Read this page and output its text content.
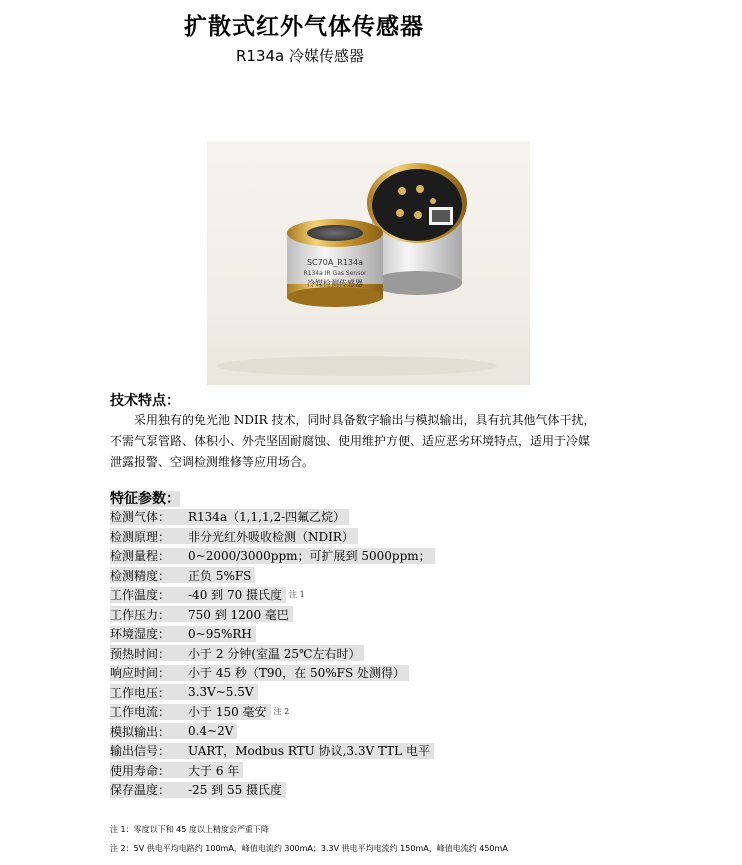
扩散式红外气体传感器
R134a 冷媒传感器
SC70A_R134a
R134a IR Gas Sensor
冷媒检测传感器
技术特点：
采用独有的免光池 NDIR 技术，同时具备数字输出与模拟输出，具有抗其他气体干扰，
不需气泵管路、体积小、外壳坚固耐腐蚀、使用维护方便、适应恶劣环境特点，适用于冷媒
泄露报警、空调检测维修等应用场合。
特征参数：
检测气体：	R134a（1,1,1,2-四氟乙烷）
检测原理：	非分光红外吸收检测（NDIR）
检测量程：	0~2000/3000ppm；可扩展到 5000ppm；
检测精度：	正负 5%FS
工作温度：	-40 到 70 摄氏度 注 1
工作压力：	750 到 1200 毫巴
环境湿度：	0~95%RH
预热时间：	小于 2 分钟(室温 25℃左右时）
响应时间：	小于 45 秒（T90，在 50%FS 处测得）
工作电压：	3.3V~5.5V
工作电流：	小于 150 毫安 注 2
模拟输出：	0.4~2V
输出信号：	UART，Modbus RTU 协议,3.3V TTL 电平
使用寿命：	大于 6 年
保存温度：	-25 到 55 摄氏度
注 1：零度以下和 45 度以上精度会严重下降
注 2：5V 供电平均电路约 100mA，峰值电流约 300mA；3.3V 供电平均电流约 150mA，峰值电流约 450mA
